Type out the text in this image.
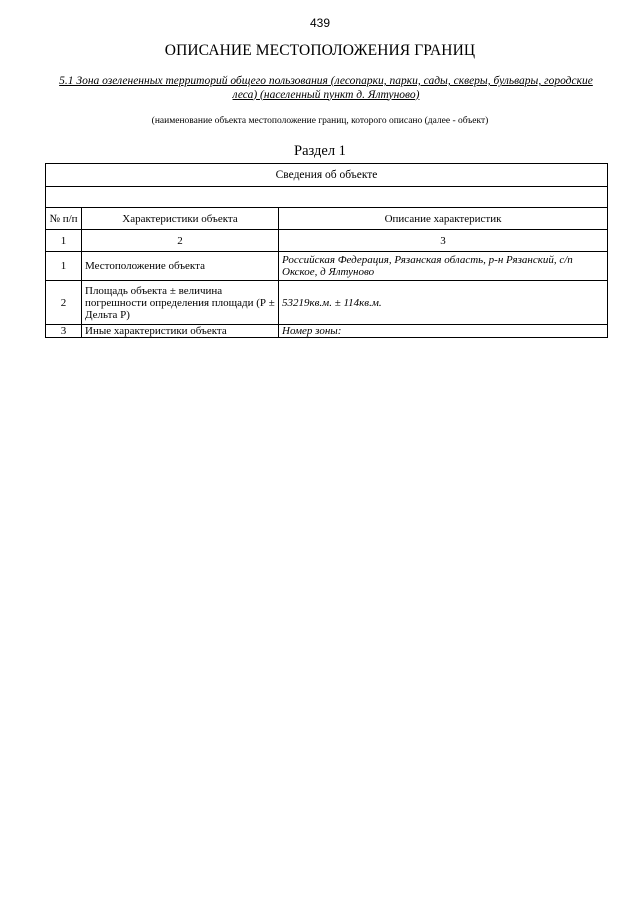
439
ОПИСАНИЕ МЕСТОПОЛОЖЕНИЯ ГРАНИЦ
5.1 Зона озелененных территорий общего пользования (лесопарки, парки, сады, скверы, бульвары, городские леса) (населенный пункт д. Ялтуново)
(наименование объекта местоположение границ, которого описано (далее - объект)
Раздел 1
Сведения об объекте		

№ п/п	Характеристики объекта	Описание характеристик
1	2	3
1	Местоположение объекта	Российская Федерация, Рязанская область, р-н Рязанский, с/п Окское, д Ялтуново
2	Площадь объекта ± величина погрешности определения площади (Р ± Дельта Р)	53219кв.м. ± 114кв.м.
3	Иные характеристики объекта	Номер зоны:
